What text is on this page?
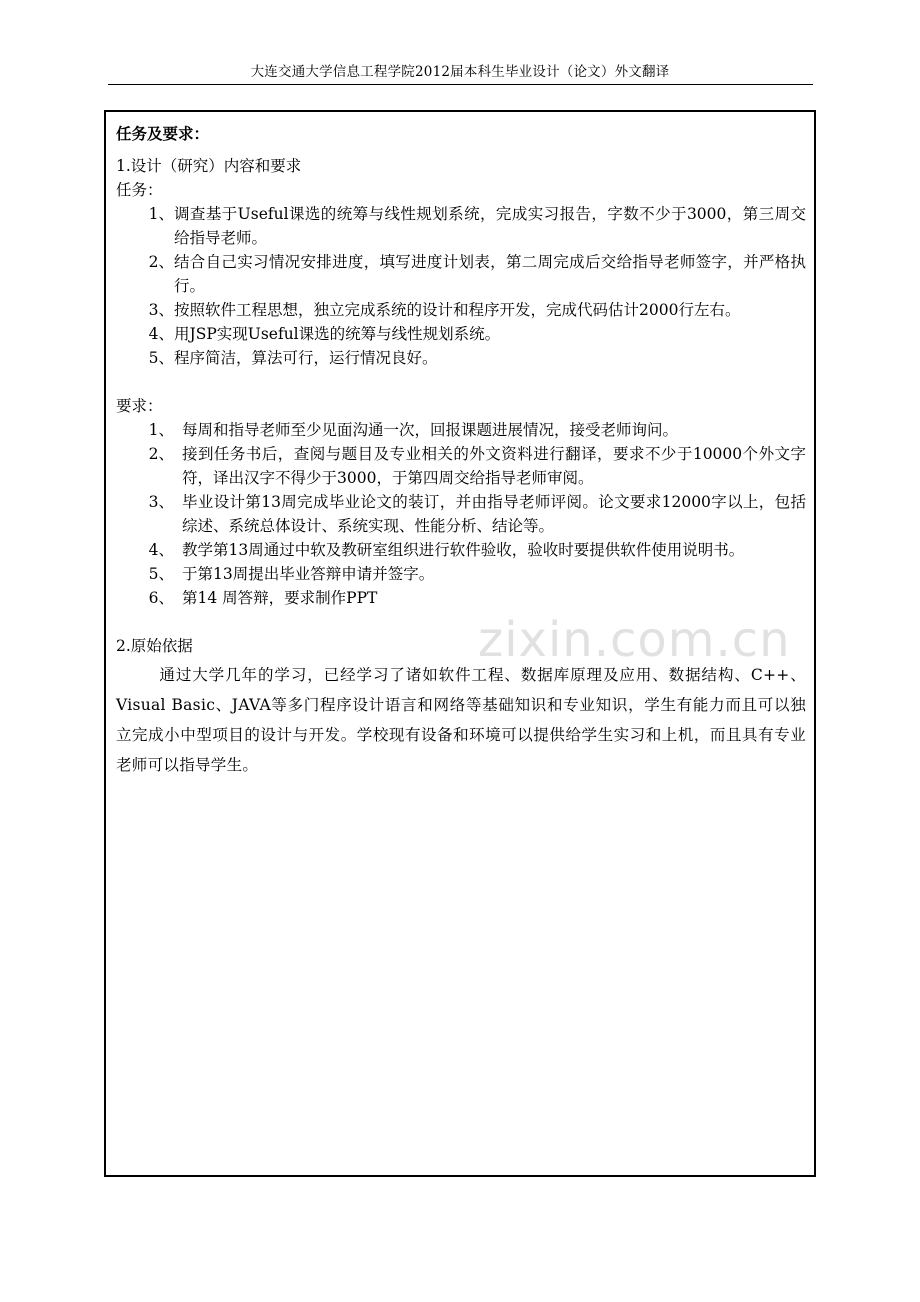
大连交通大学信息工程学院2012届本科生毕业设计（论文）外文翻译
任务及要求：
1.设计（研究）内容和要求
任务：
1、 调查基于Useful课选的统筹与线性规划系统，完成实习报告，字数不少于3000，第三周交给指导老师。
2、 结合自己实习情况安排进度，填写进度计划表，第二周完成后交给指导老师签字，并严格执行。
3、 按照软件工程思想，独立完成系统的设计和程序开发，完成代码估计2000行左右。
4、 用JSP实现Useful课选的统筹与线性规划系统。
5、 程序简洁，算法可行，运行情况良好。
要求：
1、 每周和指导老师至少见面沟通一次，回报课题进展情况，接受老师询问。
2、 接到任务书后，查阅与题目及专业相关的外文资料进行翻译，要求不少于10000个外文字符，译出汉字不得少于3000，于第四周交给指导老师审阅。
3、 毕业设计第13周完成毕业论文的装订，并由指导老师评阅。论文要求12000字以上，包括综述、系统总体设计、系统实现、性能分析、结论等。
4、 教学第13周通过中软及教研室组织进行软件验收，验收时要提供软件使用说明书。
5、 于第13周提出毕业答辩申请并签字。
6、 第14 周答辩，要求制作PPT
2.原始依据
通过大学几年的学习，已经学习了诸如软件工程、数据库原理及应用、数据结构、C++、Visual Basic、JAVA等多门程序设计语言和网络等基础知识和专业知识，学生有能力而且可以独立完成小中型项目的设计与开发。学校现有设备和环境可以提供给学生实习和上机，而且具有专业老师可以指导学生。
zixin.com.cn
